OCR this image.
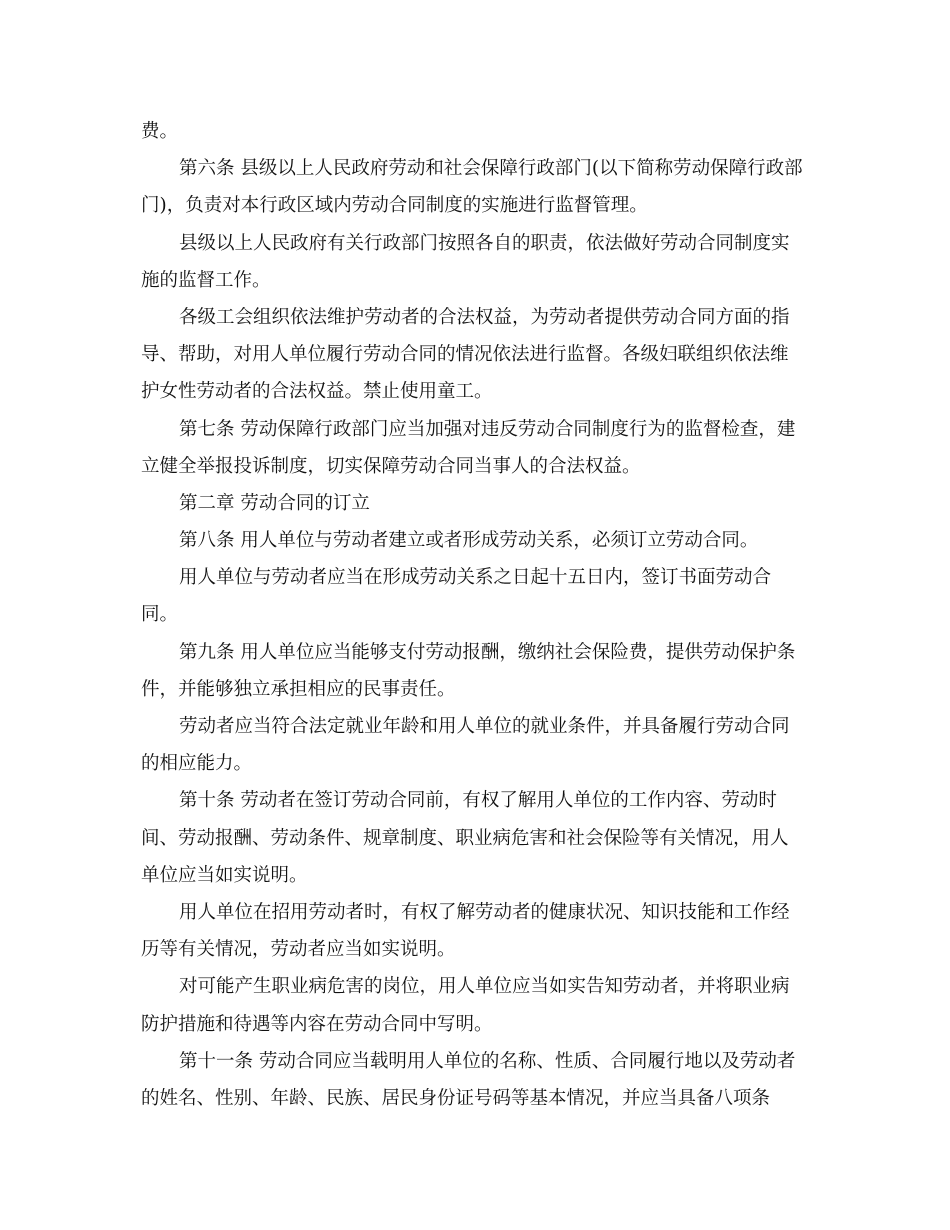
费。
第六条 县级以上人民政府劳动和社会保障行政部门(以下简称劳动保障行政部
门)，负责对本行政区域内劳动合同制度的实施进行监督管理。
县级以上人民政府有关行政部门按照各自的职责，依法做好劳动合同制度实
施的监督工作。
各级工会组织依法维护劳动者的合法权益，为劳动者提供劳动合同方面的指
导、帮助，对用人单位履行劳动合同的情况依法进行监督。各级妇联组织依法维
护女性劳动者的合法权益。禁止使用童工。
第七条 劳动保障行政部门应当加强对违反劳动合同制度行为的监督检查，建
立健全举报投诉制度，切实保障劳动合同当事人的合法权益。
第二章 劳动合同的订立
第八条 用人单位与劳动者建立或者形成劳动关系，必须订立劳动合同。
用人单位与劳动者应当在形成劳动关系之日起十五日内，签订书面劳动合
同。
第九条 用人单位应当能够支付劳动报酬，缴纳社会保险费，提供劳动保护条
件，并能够独立承担相应的民事责任。
劳动者应当符合法定就业年龄和用人单位的就业条件，并具备履行劳动合同
的相应能力。
第十条 劳动者在签订劳动合同前，有权了解用人单位的工作内容、劳动时
间、劳动报酬、劳动条件、规章制度、职业病危害和社会保险等有关情况，用人
单位应当如实说明。
用人单位在招用劳动者时，有权了解劳动者的健康状况、知识技能和工作经
历等有关情况，劳动者应当如实说明。
对可能产生职业病危害的岗位，用人单位应当如实告知劳动者，并将职业病
防护措施和待遇等内容在劳动合同中写明。
第十一条 劳动合同应当载明用人单位的名称、性质、合同履行地以及劳动者
的姓名、性别、年龄、民族、居民身份证号码等基本情况，并应当具备八项条
